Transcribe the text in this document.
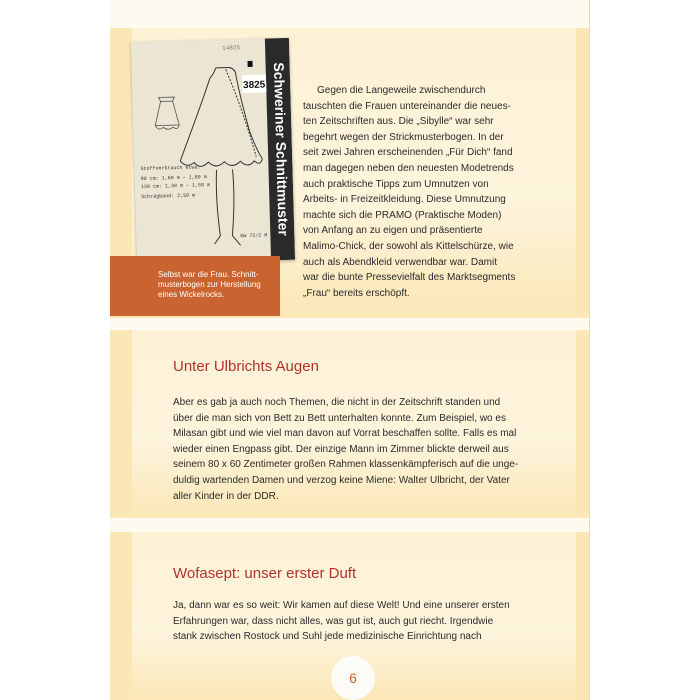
Schweriner Schnittmuster
3825
14825
Stoffverbrauch etwa:
90 cm: 1,60 m – 1,80 m
130 cm: 1,30 m – 1,50 m
Schrägband: 2,50 m
KW 72/2 M
Selbst war die Frau. Schnitt-
musterbogen zur Herstellung
eines Wickelrocks.
Gegen die Langeweile zwischendurch
tauschten die Frauen untereinander die neues-
ten Zeitschriften aus. Die „Sibylle“ war sehr
begehrt wegen der Strickmusterbogen. In der
seit zwei Jahren erscheinenden „Für Dich“ fand
man dagegen neben den neuesten Modetrends
auch praktische Tipps zum Umnutzen von
Arbeits- in Freizeitkleidung. Diese Umnutzung
machte sich die PRAMO (Praktische Moden)
von Anfang an zu eigen und präsentierte
Malimo-Chick, der sowohl als Kittelschürze, wie
auch als Abendkleid verwendbar war. Damit
war die bunte Pressevielfalt des Marktsegments
„Frau“ bereits erschöpft.
Unter Ulbrichts Augen
Aber es gab ja auch noch Themen, die nicht in der Zeitschrift standen und
über die man sich von Bett zu Bett unterhalten konnte. Zum Beispiel, wo es
Milasan gibt und wie viel man davon auf Vorrat beschaffen sollte. Falls es mal
wieder einen Engpass gibt. Der einzige Mann im Zimmer blickte derweil aus
seinem 80 x 60 Zentimeter großen Rahmen klassenkämpferisch auf die unge-
duldig wartenden Damen und verzog keine Miene: Walter Ulbricht, der Vater
aller Kinder in der DDR.
Wofasept: unser erster Duft
Ja, dann war es so weit: Wir kamen auf diese Welt! Und eine unserer ersten
Erfahrungen war, dass nicht alles, was gut ist, auch gut riecht. Irgendwie
stank zwischen Rostock und Suhl jede medizinische Einrichtung nach
6
